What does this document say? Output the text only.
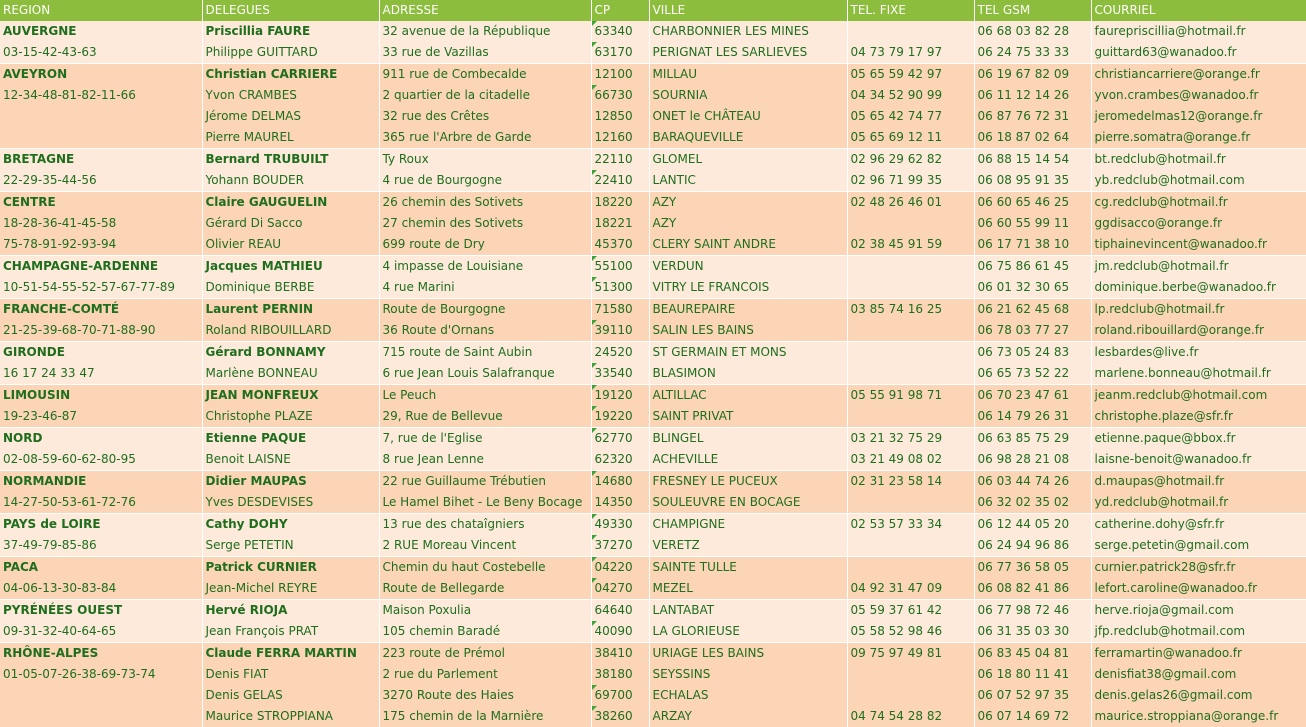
REGION	DELEGUES	ADRESSE	CP	VILLE	TEL. FIXE	TEL GSM	COURRIEL
AUVERGNE	Priscillia FAURE	32 avenue de la République	63340	CHARBONNIER LES MINES		06 68 03 82 28	faurepriscillia@hotmail.fr
03-15-42-43-63	Philippe GUITTARD	33 rue de Vazillas	63170	PERIGNAT LES SARLIEVES	04 73 79 17 97	06 24 75 33 33	guittard63@wanadoo.fr
AVEYRON	Christian CARRIERE	911 rue de Combecalde	12100	MILLAU	05 65 59 42 97	06 19 67 82 09	christiancarriere@orange.fr
12-34-48-81-82-11-66	Yvon CRAMBES	2 quartier de la citadelle	66730	SOURNIA	04 34 52 90 99	06 11 12 14 26	yvon.crambes@wanadoo.fr
	Jérome DELMAS	32 rue des Crêtes	12850	ONET le CHÂTEAU	05 65 42 74 77	06 87 76 72 31	jeromedelmas12@orange.fr
	Pierre MAUREL	365 rue l'Arbre de Garde	12160	BARAQUEVILLE	05 65 69 12 11	06 18 87 02 64	pierre.somatra@orange.fr
BRETAGNE	Bernard TRUBUILT	Ty Roux	22110	GLOMEL	02 96 29 62 82	06 88 15 14 54	bt.redclub@hotmail.fr
22-29-35-44-56	Yohann BOUDER	4 rue de Bourgogne	22410	LANTIC	02 96 71 99 35	06 08 95 91 35	yb.redclub@hotmail.com
CENTRE	Claire GAUGUELIN	26 chemin des Sotivets	18220	AZY	02 48 26 46 01	06 60 65 46 25	cg.redclub@hotmail.fr
18-28-36-41-45-58	Gérard Di Sacco	27 chemin des Sotivets	18221	AZY		06 60 55 99 11	ggdisacco@orange.fr
75-78-91-92-93-94	Olivier REAU	699 route de Dry	45370	CLERY SAINT ANDRE	02 38 45 91 59	06 17 71 38 10	tiphainevincent@wanadoo.fr
CHAMPAGNE-ARDENNE	Jacques MATHIEU	4 impasse de Louisiane	55100	VERDUN		06 75 86 61 45	jm.redclub@hotmail.fr
10-51-54-55-52-57-67-77-89	Dominique BERBE	4 rue Marini	51300	VITRY LE FRANCOIS		06 01 32 30 65	dominique.berbe@wanadoo.fr
FRANCHE-COMTÉ	Laurent PERNIN	Route de Bourgogne	71580	BEAUREPAIRE	03 85 74 16 25	06 21 62 45 68	lp.redclub@hotmail.fr
21-25-39-68-70-71-88-90	Roland RIBOUILLARD	36 Route d'Ornans	39110	SALIN LES BAINS		06 78 03 77 27	roland.ribouillard@orange.fr
GIRONDE	Gérard BONNAMY	715 route de Saint Aubin	24520	ST GERMAIN ET MONS		06 73 05 24 83	lesbardes@live.fr
16 17 24 33 47	Marlène BONNEAU	6 rue Jean Louis Salafranque	33540	BLASIMON		06 65 73 52 22	marlene.bonneau@hotmail.fr
LIMOUSIN	JEAN MONFREUX	Le Peuch	19120	ALTILLAC	05 55 91 98 71	06 70 23 47 61	jeanm.redclub@hotmail.com
19-23-46-87	Christophe PLAZE	29, Rue de Bellevue	19220	SAINT PRIVAT		06 14 79 26 31	christophe.plaze@sfr.fr
NORD	Etienne PAQUE	7, rue de l'Eglise	62770	BLINGEL	03 21 32 75 29	06 63 85 75 29	etienne.paque@bbox.fr
02-08-59-60-62-80-95	Benoit LAISNE	8 rue Jean Lenne	62320	ACHEVILLE	03 21 49 08 02	06 98 28 21 08	laisne-benoit@wanadoo.fr
NORMANDIE	Didier MAUPAS	22 rue Guillaume Trébutien	14680	FRESNEY LE PUCEUX	02 31 23 58 14	06 03 44 74 26	d.maupas@hotmail.fr
14-27-50-53-61-72-76	Yves DESDEVISES	Le Hamel Bihet - Le Beny Bocage	14350	SOULEUVRE EN BOCAGE		06 32 02 35 02	yd.redclub@hotmail.fr
PAYS de LOIRE	Cathy DOHY	13 rue des chataîgniers	49330	CHAMPIGNE	02 53 57 33 34	06 12 44 05 20	catherine.dohy@sfr.fr
37-49-79-85-86	Serge PETETIN	2 RUE Moreau Vincent	37270	VERETZ		06 24 94 96 86	serge.petetin@gmail.com
PACA	Patrick CURNIER	Chemin du haut Costebelle	04220	SAINTE TULLE		06 77 36 58 05	curnier.patrick28@sfr.fr
04-06-13-30-83-84	Jean-Michel REYRE	Route de Bellegarde	04270	MEZEL	04 92 31 47 09	06 08 82 41 86	lefort.caroline@wanadoo.fr
PYRÉNÉES OUEST	Hervé RIOJA	Maison Poxulia	64640	LANTABAT	05 59 37 61 42	06 77 98 72 46	herve.rioja@gmail.com
09-31-32-40-64-65	Jean François PRAT	105 chemin Baradé	40090	LA GLORIEUSE	05 58 52 98 46	06 31 35 03 30	jfp.redclub@hotmail.com
RHÔNE-ALPES	Claude FERRA MARTIN	223 route de Prémol	38410	URIAGE LES BAINS	09 75 97 49 81	06 83 45 04 81	ferramartin@wanadoo.fr
01-05-07-26-38-69-73-74	Denis FIAT	2 rue du Parlement	38180	SEYSSINS		06 18 80 11 41	denisfiat38@gmail.com
	Denis GELAS	3270 Route des Haies	69700	ECHALAS		06 07 52 97 35	denis.gelas26@gmail.com
	Maurice STROPPIANA	175 chemin de la Marnière	38260	ARZAY	04 74 54 28 82	06 07 14 69 72	maurice.stroppiana@orange.fr
